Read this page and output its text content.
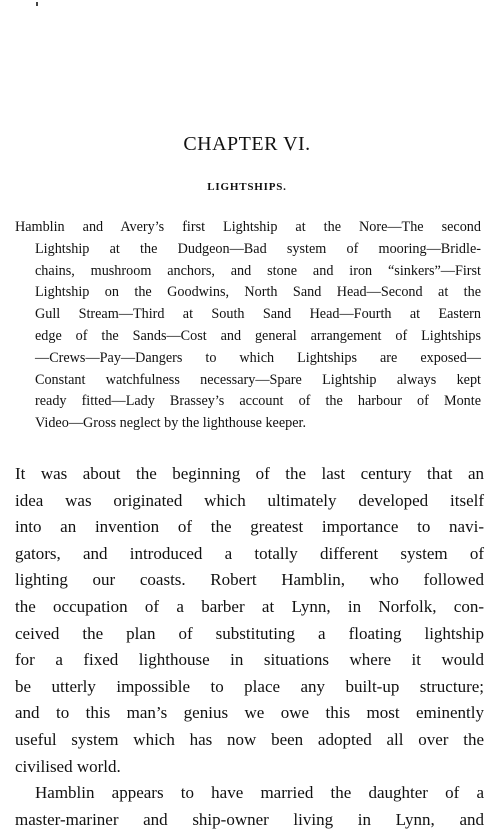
CHAPTER VI.
LIGHTSHIPS.
Hamblin and Avery’s first Lightship at the Nore—The second
Lightship at the Dudgeon—Bad system of mooring—Bridle-
chains, mushroom anchors, and stone and iron “sinkers”—First
Lightship on the Goodwins, North Sand Head—Second at the
Gull Stream—Third at South Sand Head—Fourth at Eastern
edge of the Sands—Cost and general arrangement of Lightships
—Crews—Pay—Dangers to which Lightships are exposed—
Constant watchfulness necessary—Spare Lightship always kept
ready fitted—Lady Brassey’s account of the harbour of Monte
Video—Gross neglect by the lighthouse keeper.
It was about the beginning of the last century that an
idea was originated which ultimately developed itself
into an invention of the greatest importance to navi-
gators, and introduced a totally different system of
lighting our coasts. Robert Hamblin, who followed
the occupation of a barber at Lynn, in Norfolk, con-
ceived the plan of substituting a floating lightship
for a fixed lighthouse in situations where it would
be utterly impossible to place any built-up structure;
and to this man’s genius we owe this most eminently
useful system which has now been adopted all over the
civilised world.
Hamblin appears to have married the daughter of a
master-mariner and ship-owner living in Lynn, and
